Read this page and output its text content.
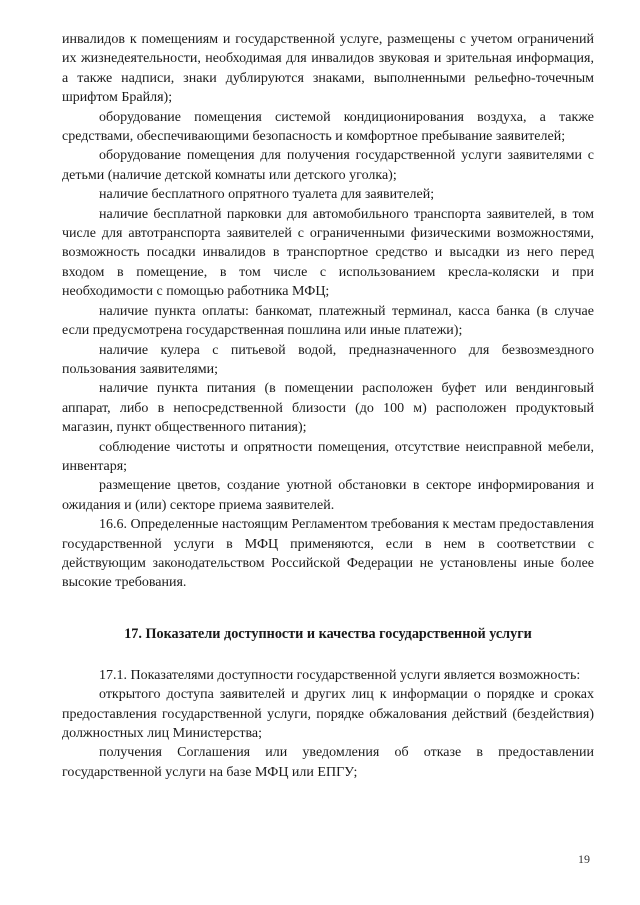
инвалидов к помещениям и государственной услуге, размещены с учетом ограничений их жизнедеятельности, необходимая для инвалидов звуковая и зрительная информация, а также надписи, знаки дублируются знаками, выполненными рельефно-точечным шрифтом Брайля);

оборудование помещения системой кондиционирования воздуха, а также средствами, обеспечивающими безопасность и комфортное пребывание заявителей;

оборудование помещения для получения государственной услуги заявителями с детьми (наличие детской комнаты или детского уголка);

наличие бесплатного опрятного туалета для заявителей;

наличие бесплатной парковки для автомобильного транспорта заявителей, в том числе для автотранспорта заявителей с ограниченными физическими возможностями, возможность посадки инвалидов в транспортное средство и высадки из него перед входом в помещение, в том числе с использованием кресла-коляски и при необходимости с помощью работника МФЦ;

наличие пункта оплаты: банкомат, платежный терминал, касса банка (в случае если предусмотрена государственная пошлина или иные платежи);

наличие кулера с питьевой водой, предназначенного для безвозмездного пользования заявителями;

наличие пункта питания (в помещении расположен буфет или вендинговый аппарат, либо в непосредственной близости (до 100 м) расположен продуктовый магазин, пункт общественного питания);

соблюдение чистоты и опрятности помещения, отсутствие неисправной мебели, инвентаря;

размещение цветов, создание уютной обстановки в секторе информирования и ожидания и (или) секторе приема заявителей.

16.6. Определенные настоящим Регламентом требования к местам предоставления государственной услуги в МФЦ применяются, если в нем в соответствии с действующим законодательством Российской Федерации не установлены иные более высокие требования.

17. Показатели доступности и качества государственной услуги

17.1. Показателями доступности государственной услуги является возможность:

открытого доступа заявителей и других лиц к информации о порядке и сроках предоставления государственной услуги, порядке обжалования действий (бездействия) должностных лиц Министерства;

получения Соглашения или уведомления об отказе в предоставлении государственной услуги на базе МФЦ или ЕПГУ;

19
